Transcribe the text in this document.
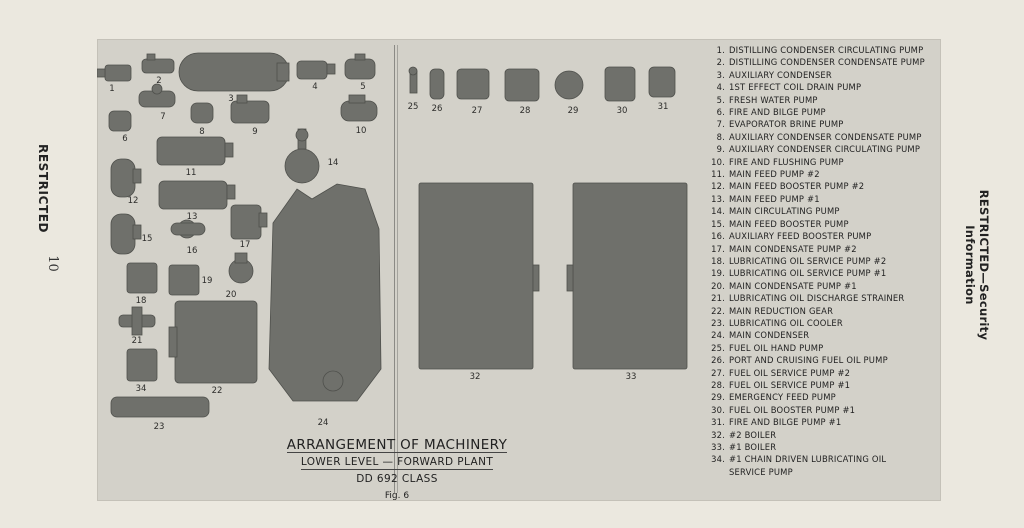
RESTRICTED
10	RESTRICTED—Security Information
1
2
3
4	5
6
7
8	9	10
11
12
13
14
15
16
17
18
19
20
21
22
23	24
25 26	27	28	29	30	31
32	33
34
ARRANGEMENT OF MACHINERY
LOWER LEVEL — FORWARD PLANT
DD 692 CLASS
Fig. 6
1. DISTILLING CONDENSER CIRCULATING PUMP
2. DISTILLING CONDENSER CONDENSATE PUMP
3. AUXILIARY CONDENSER
4. 1ST EFFECT COIL DRAIN PUMP
5. FRESH WATER PUMP
6. FIRE AND BILGE PUMP
7. EVAPORATOR BRINE PUMP
8. AUXILIARY CONDENSER CONDENSATE PUMP
9. AUXILIARY CONDENSER CIRCULATING PUMP
10. FIRE AND FLUSHING PUMP
11. MAIN FEED PUMP #2
12. MAIN FEED BOOSTER PUMP #2
13. MAIN FEED PUMP #1
14. MAIN CIRCULATING PUMP
15. MAIN FEED BOOSTER PUMP
16. AUXILIARY FEED BOOSTER PUMP
17. MAIN CONDENSATE PUMP #2
18. LUBRICATING OIL SERVICE PUMP #2
19. LUBRICATING OIL SERVICE PUMP #1
20. MAIN CONDENSATE PUMP #1
21. LUBRICATING OIL DISCHARGE STRAINER
22. MAIN REDUCTION GEAR
23. LUBRICATING OIL COOLER
24. MAIN CONDENSER
25. FUEL OIL HAND PUMP
26. PORT AND CRUISING FUEL OIL PUMP
27. FUEL OIL SERVICE PUMP #2
28. FUEL OIL SERVICE PUMP #1
29. EMERGENCY FEED PUMP
30. FUEL OIL BOOSTER PUMP #1
31. FIRE AND BILGE PUMP #1
32. #2 BOILER
33. #1 BOILER
34. #1 CHAIN DRIVEN LUBRICATING OIL
SERVICE PUMP
